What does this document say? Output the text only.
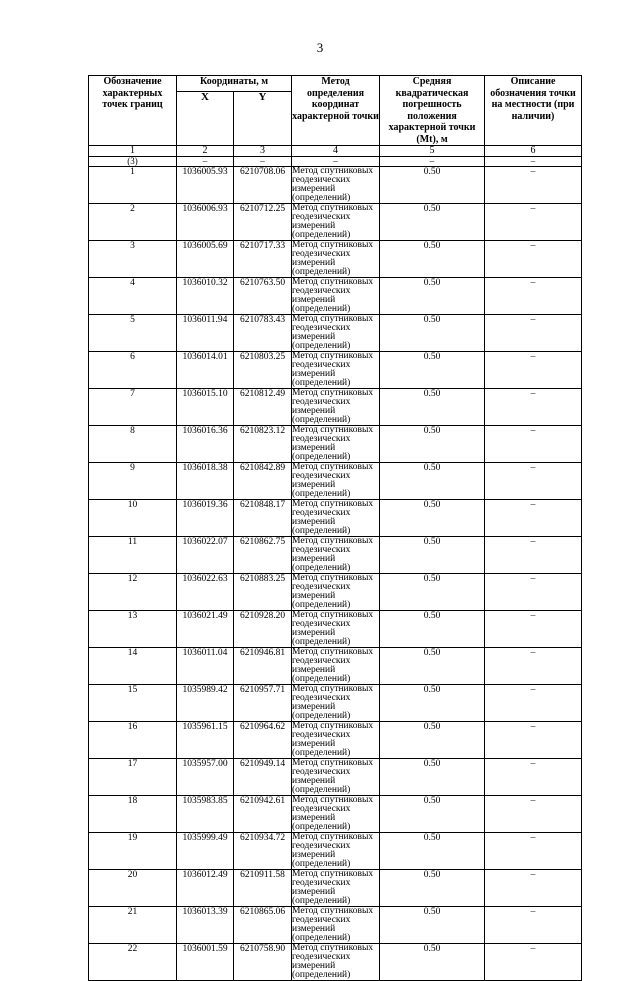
3
Обозначение характерных точек границ	Координаты, м		Метод определения координат характерной точки	Средняя квадратическая погрешность положения характерной точки (Mt), м	Описание обозначения точки на местности (при наличии)
	X	Y			
1	2	3	4	5	6
(3)	–	–	–	–	–
1	1036005.93	6210708.06	Метод спутниковых геодезических измерений (определений)	0.50	–
2	1036006.93	6210712.25	Метод спутниковых геодезических измерений (определений)	0.50	–
3	1036005.69	6210717.33	Метод спутниковых геодезических измерений (определений)	0.50	–
4	1036010.32	6210763.50	Метод спутниковых геодезических измерений (определений)	0.50	–
5	1036011.94	6210783.43	Метод спутниковых геодезических измерений (определений)	0.50	–
6	1036014.01	6210803.25	Метод спутниковых геодезических измерений (определений)	0.50	–
7	1036015.10	6210812.49	Метод спутниковых геодезических измерений (определений)	0.50	–
8	1036016.36	6210823.12	Метод спутниковых геодезических измерений (определений)	0.50	–
9	1036018.38	6210842.89	Метод спутниковых геодезических измерений (определений)	0.50	–
10	1036019.36	6210848.17	Метод спутниковых геодезических измерений (определений)	0.50	–
11	1036022.07	6210862.75	Метод спутниковых геодезических измерений (определений)	0.50	–
12	1036022.63	6210883.25	Метод спутниковых геодезических измерений (определений)	0.50	–
13	1036021.49	6210928.20	Метод спутниковых геодезических измерений (определений)	0.50	–
14	1036011.04	6210946.81	Метод спутниковых геодезических измерений (определений)	0.50	–
15	1035989.42	6210957.71	Метод спутниковых геодезических измерений (определений)	0.50	–
16	1035961.15	6210964.62	Метод спутниковых геодезических измерений (определений)	0.50	–
17	1035957.00	6210949.14	Метод спутниковых геодезических измерений (определений)	0.50	–
18	1035983.85	6210942.61	Метод спутниковых геодезических измерений (определений)	0.50	–
19	1035999.49	6210934.72	Метод спутниковых геодезических измерений (определений)	0.50	–
20	1036012.49	6210911.58	Метод спутниковых геодезических измерений (определений)	0.50	–
21	1036013.39	6210865.06	Метод спутниковых геодезических измерений (определений)	0.50	–
22	1036001.59	6210758.90	Метод спутниковых геодезических измерений (определений)	0.50	–
